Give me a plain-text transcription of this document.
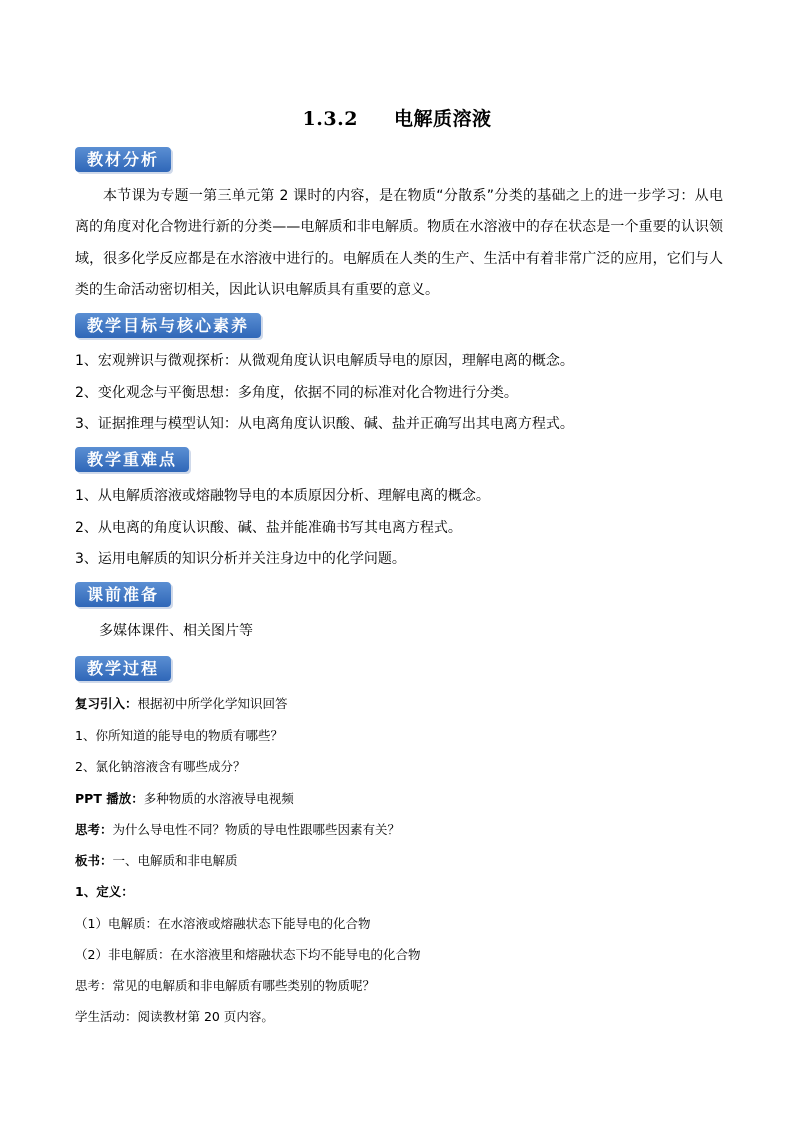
1.3.2 电解质溶液
教材分析
本节课为专题一第三单元第 2 课时的内容，是在物质“分散系”分类的基础之上的进一步学习：从电离的角度对化合物进行新的分类——电解质和非电解质。物质在水溶液中的存在状态是一个重要的认识领域，很多化学反应都是在水溶液中进行的。电解质在人类的生产、生活中有着非常广泛的应用，它们与人类的生命活动密切相关，因此认识电解质具有重要的意义。
教学目标与核心素养
1、宏观辨识与微观探析：从微观角度认识电解质导电的原因，理解电离的概念。
2、变化观念与平衡思想：多角度，依据不同的标准对化合物进行分类。
3、证据推理与模型认知：从电离角度认识酸、碱、盐并正确写出其电离方程式。
教学重难点
1、从电解质溶液或熔融物导电的本质原因分析、理解电离的概念。
2、从电离的角度认识酸、碱、盐并能准确书写其电离方程式。
3、运用电解质的知识分析并关注身边中的化学问题。
课前准备
多媒体课件、相关图片等
教学过程
复习引入：根据初中所学化学知识回答
1、你所知道的能导电的物质有哪些？
2、氯化钠溶液含有哪些成分？
PPT 播放：多种物质的水溶液导电视频
思考：为什么导电性不同？物质的导电性跟哪些因素有关？
板书：一、电解质和非电解质
1、定义：
（1）电解质：在水溶液或熔融状态下能导电的化合物
（2）非电解质：在水溶液里和熔融状态下均不能导电的化合物
思考：常见的电解质和非电解质有哪些类别的物质呢？
学生活动：阅读教材第 20 页内容。
